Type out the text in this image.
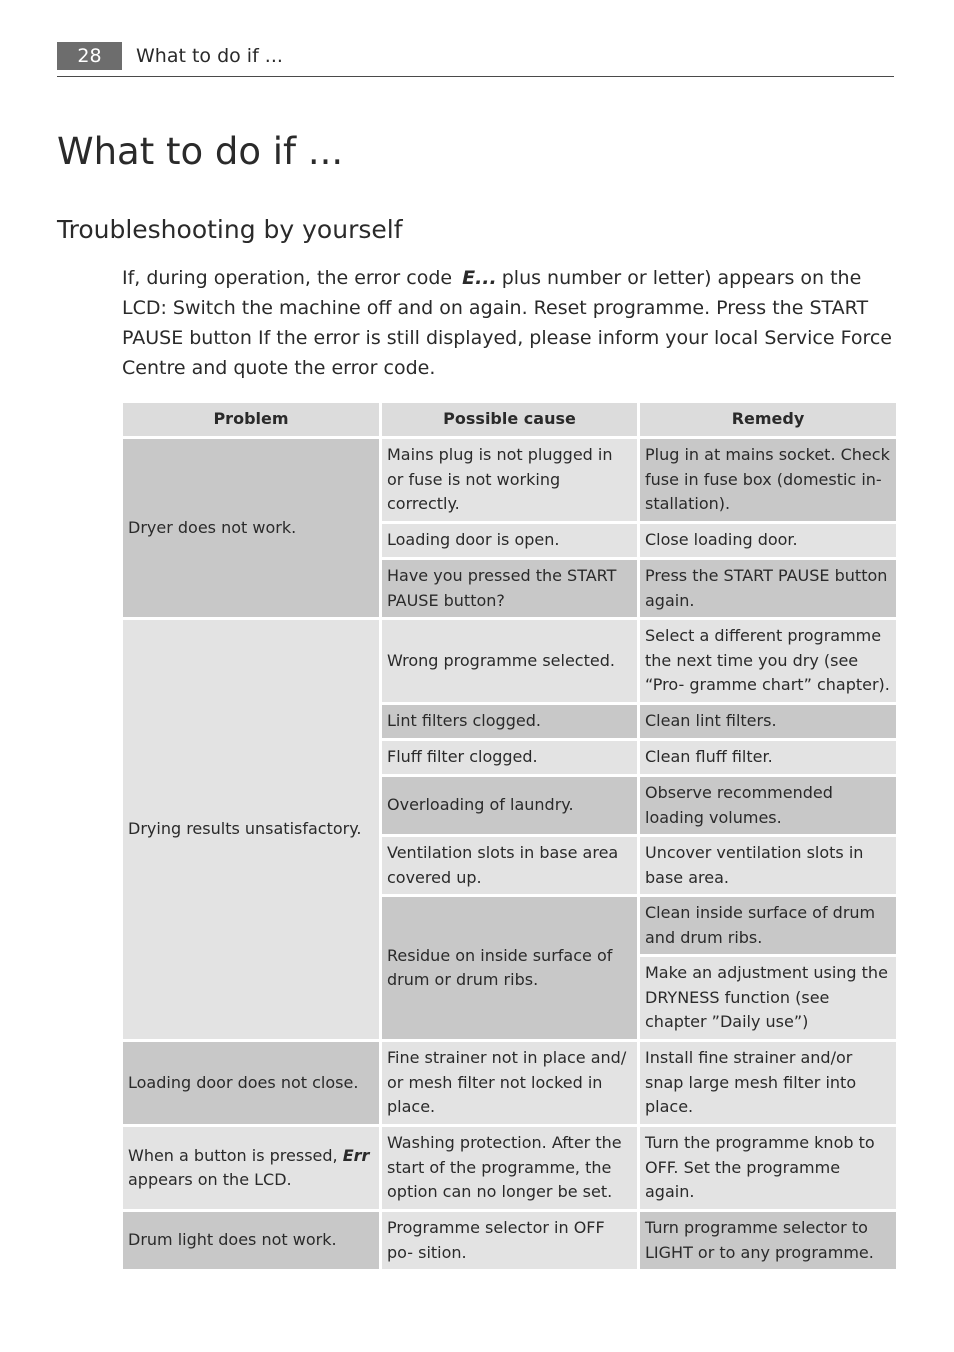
28	What to do if ...
What to do if ...
Troubleshooting by yourself

If, during operation, the error code E... plus number or letter) appears on the LCD: Switch the machine off and on again. Reset programme. Press the START PAUSE button If the error is still displayed, please inform your local Service Force Centre and quote the error code.

Problem	Possible cause	Remedy
Dryer does not work.	Mains plug is not plugged in or fuse is not working correctly.	Plug in at mains socket. Check fuse in fuse box (domestic in- stallation).
	Loading door is open.	Close loading door.
	Have you pressed the START PAUSE button?	Press the START PAUSE button again.
Drying results unsatisfactory.	Wrong programme selected.	Select a different programme the next time you dry (see “Pro- gramme chart” chapter).
	Lint filters clogged.	Clean lint filters.
	Fluff filter clogged.	Clean fluff filter.
	Overloading of laundry.	Observe recommended loading volumes.
	Ventilation slots in base area covered up.	Uncover ventilation slots in base area.
	Residue on inside surface of drum or drum ribs.	Clean inside surface of drum and drum ribs.
		Make an adjustment using the DRYNESS function (see chapter ”Daily use”)
Loading door does not close.	Fine strainer not in place and/ or mesh filter not locked in place.	Install fine strainer and/or snap large mesh filter into place.
When a button is pressed, Err appears on the LCD.	Washing protection. After the start of the programme, the option can no longer be set.	Turn the programme knob to OFF. Set the programme again.
Drum light does not work.	Programme selector in OFF po- sition.	Turn programme selector to LIGHT or to any programme.
